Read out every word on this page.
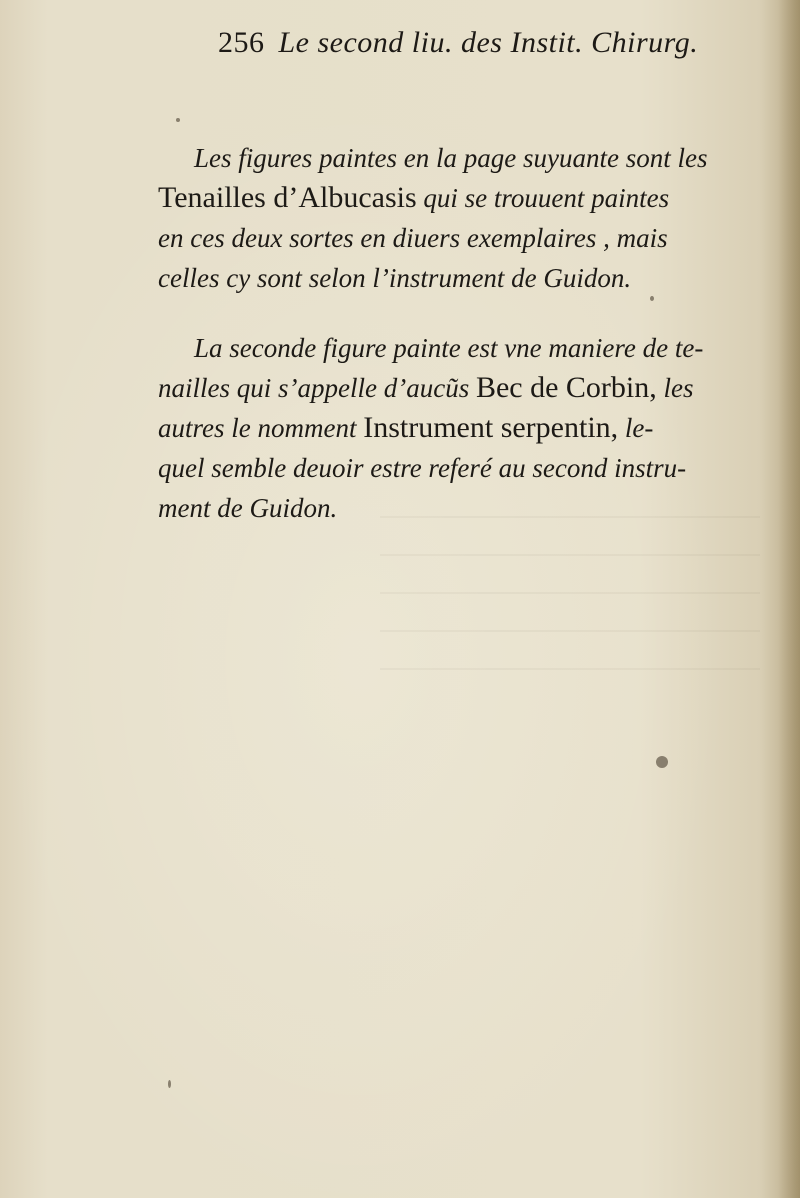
256 Le second liu. des Instit. Chirurg.
Les figures paintes en la page suyuante sont les
Tenailles d’Albucasis qui se trouuent paintes
en ces deux sortes en diuers exemplaires , mais
celles cy sont selon l’instrument de Guidon.
La seconde figure painte est vne maniere de te-
nailles qui s’appelle d’aucũs Bec de Corbin, les
autres le nomment Instrument serpentin, le-
quel semble deuoir estre referé au second instru-
ment de Guidon.
